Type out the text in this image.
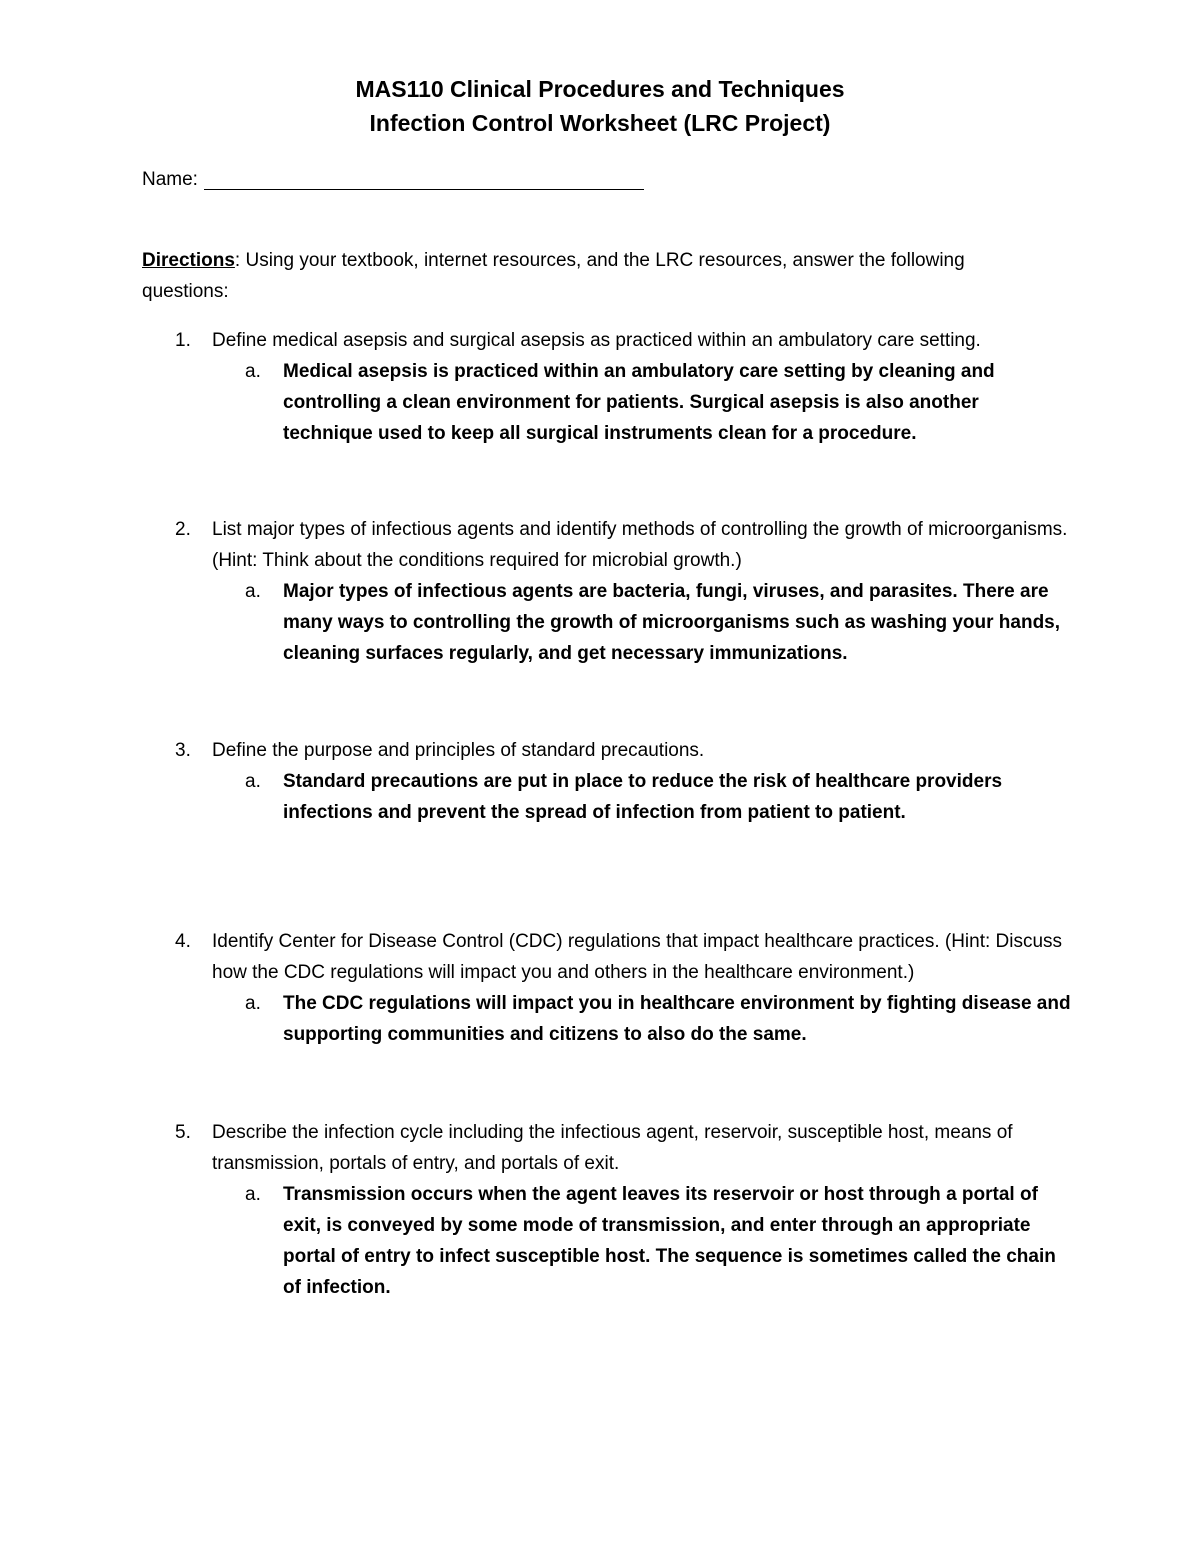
MAS110 Clinical Procedures and Techniques
Infection Control Worksheet (LRC Project)
Name:
Directions: Using your textbook, internet resources, and the LRC resources, answer the following questions:
1. Define medical asepsis and surgical asepsis as practiced within an ambulatory care setting.
a. Medical asepsis is practiced within an ambulatory care setting by cleaning and controlling a clean environment for patients. Surgical asepsis is also another technique used to keep all surgical instruments clean for a procedure.
2. List major types of infectious agents and identify methods of controlling the growth of microorganisms. (Hint: Think about the conditions required for microbial growth.)
a. Major types of infectious agents are bacteria, fungi, viruses, and parasites. There are many ways to controlling the growth of microorganisms such as washing your hands, cleaning surfaces regularly, and get necessary immunizations.
3. Define the purpose and principles of standard precautions.
a. Standard precautions are put in place to reduce the risk of healthcare providers infections and prevent the spread of infection from patient to patient.
4. Identify Center for Disease Control (CDC) regulations that impact healthcare practices. (Hint: Discuss how the CDC regulations will impact you and others in the healthcare environment.)
a. The CDC regulations will impact you in healthcare environment by fighting disease and supporting communities and citizens to also do the same.
5. Describe the infection cycle including the infectious agent, reservoir, susceptible host, means of transmission, portals of entry, and portals of exit.
a. Transmission occurs when the agent leaves its reservoir or host through a portal of exit, is conveyed by some mode of transmission, and enter through an appropriate portal of entry to infect susceptible host. The sequence is sometimes called the chain of infection.
